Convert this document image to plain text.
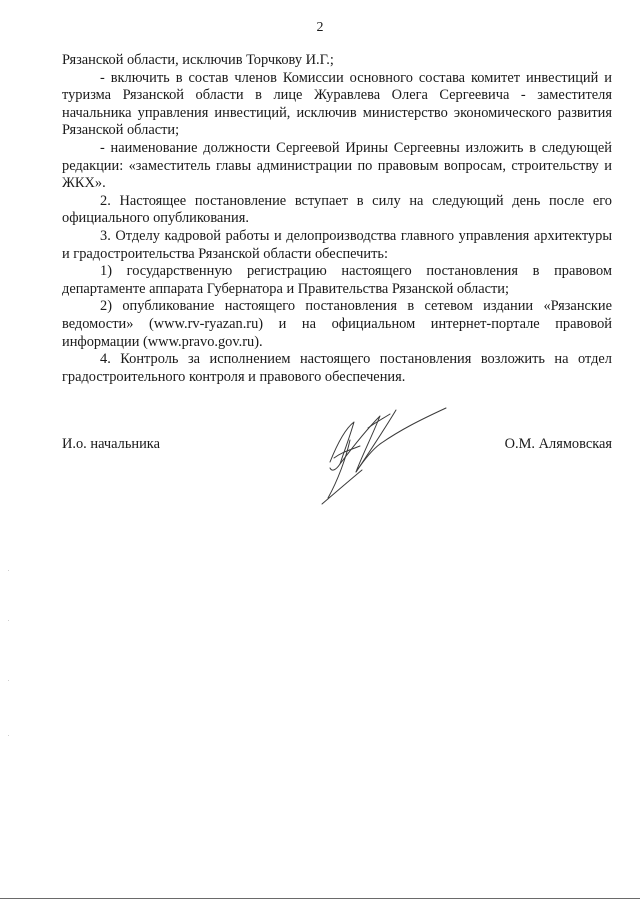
2

Рязанской области, исключив Торчкову И.Г.;

- включить в состав членов Комиссии основного состава комитет инвестиций и туризма Рязанской области в лице Журавлева Олега Сергеевича - заместителя начальника управления инвестиций, исключив министерство экономического развития Рязанской области;

- наименование должности Сергеевой Ирины Сергеевны изложить в следующей редакции: «заместитель главы администрации по правовым вопросам, строительству и ЖКХ».

2. Настоящее постановление вступает в силу на следующий день после его официального опубликования.

3. Отделу кадровой работы и делопроизводства главного управления архитектуры и градостроительства Рязанской области обеспечить:

1) государственную регистрацию настоящего постановления в правовом департаменте аппарата Губернатора и Правительства Рязанской области;

2) опубликование настоящего постановления в сетевом издании «Рязанские ведомости» (www.rv-ryazan.ru) и на официальном интернет-портале правовой информации (www.pravo.gov.ru).

4. Контроль за исполнением настоящего постановления возложить на отдел градостроительного контроля и правового обеспечения.

И.о. начальника	О.М. Алямовская
